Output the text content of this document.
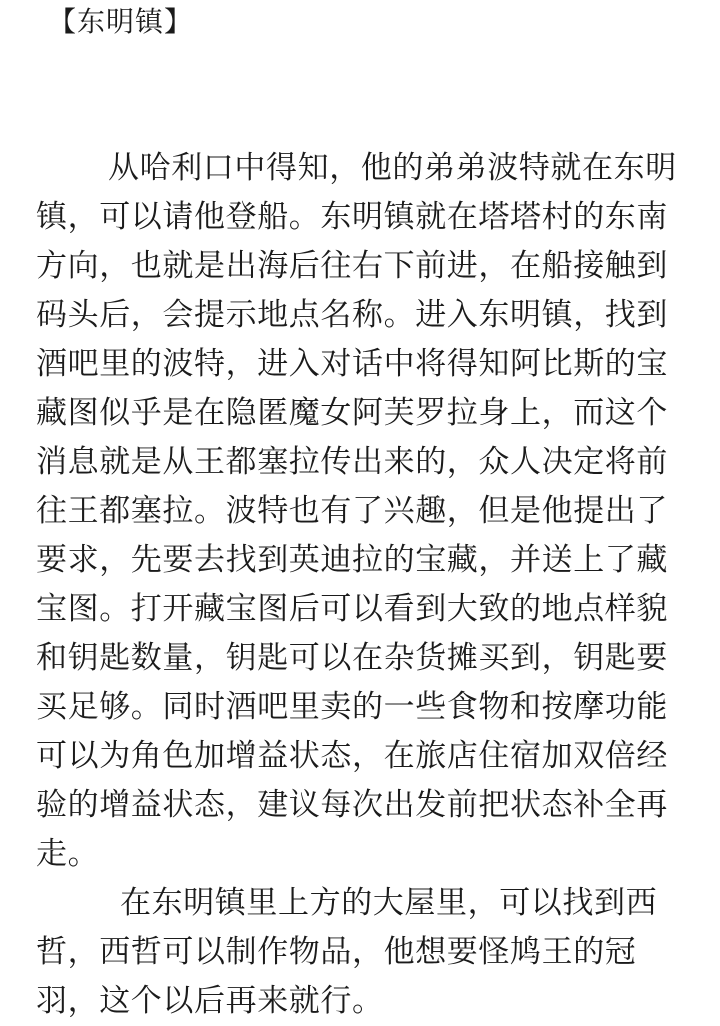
【东明镇】
从哈利口中得知，他的弟弟波特就在东明
镇，可以请他登船。东明镇就在塔塔村的东南
方向，也就是出海后往右下前进，在船接触到
码头后，会提示地点名称。进入东明镇，找到
酒吧里的波特，进入对话中将得知阿比斯的宝
藏图似乎是在隐匿魔女阿芙罗拉身上，而这个
消息就是从王都塞拉传出来的，众人决定将前
往王都塞拉。波特也有了兴趣，但是他提出了
要求，先要去找到英迪拉的宝藏，并送上了藏
宝图。打开藏宝图后可以看到大致的地点样貌
和钥匙数量，钥匙可以在杂货摊买到，钥匙要
买足够。同时酒吧里卖的一些食物和按摩功能
可以为角色加增益状态，在旅店住宿加双倍经
验的增益状态，建议每次出发前把状态补全再
走。
在东明镇里上方的大屋里，可以找到西
哲，西哲可以制作物品，他想要怪鸠王的冠
羽，这个以后再来就行。
